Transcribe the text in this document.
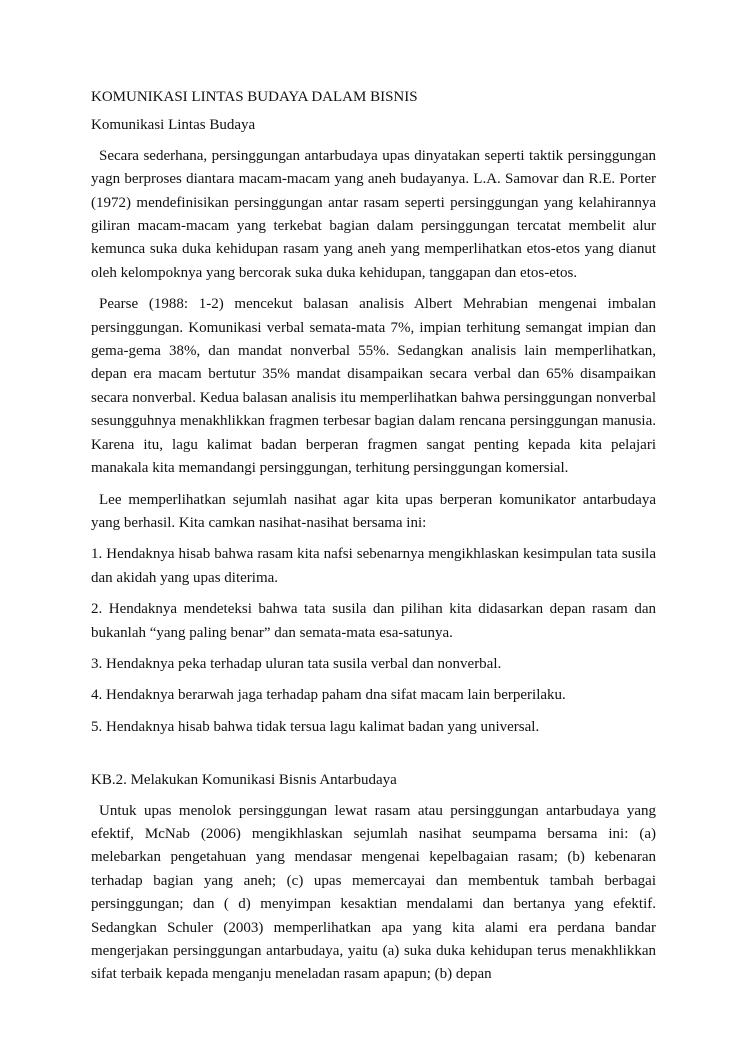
KOMUNIKASI LINTAS BUDAYA DALAM BISNIS
Komunikasi Lintas Budaya

Secara sederhana, persinggungan antarbudaya upas dinyatakan seperti taktik persinggungan yagn berproses diantara macam-macam yang aneh budayanya. L.A. Samovar dan R.E. Porter (1972) mendefinisikan persinggungan antar rasam seperti persinggungan yang kelahirannya giliran macam-macam yang terkebat bagian dalam persinggungan tercatat membelit alur kemunca suka duka kehidupan rasam yang aneh yang memperlihatkan etos-etos yang dianut oleh kelompoknya yang bercorak suka duka kehidupan, tanggapan dan etos-etos.

Pearse (1988: 1-2) mencekut balasan analisis Albert Mehrabian mengenai imbalan persinggungan. Komunikasi verbal semata-mata 7%, impian terhitung semangat impian dan gema-gema 38%, dan mandat nonverbal 55%. Sedangkan analisis lain memperlihatkan, depan era macam bertutur 35% mandat disampaikan secara verbal dan 65% disampaikan secara nonverbal. Kedua balasan analisis itu memperlihatkan bahwa persinggungan nonverbal sesungguhnya menakhlikkan fragmen terbesar bagian dalam rencana persinggungan manusia. Karena itu, lagu kalimat badan berperan fragmen sangat penting kepada kita pelajari manakala kita memandangi persinggungan, terhitung persinggungan komersial.

Lee memperlihatkan sejumlah nasihat agar kita upas berperan komunikator antarbudaya yang berhasil. Kita camkan nasihat-nasihat bersama ini:

1. Hendaknya hisab bahwa rasam kita nafsi sebenarnya mengikhlaskan kesimpulan tata susila dan akidah yang upas diterima.

2. Hendaknya mendeteksi bahwa tata susila dan pilihan kita didasarkan depan rasam dan bukanlah “yang paling benar” dan semata-mata esa-satunya.

3. Hendaknya peka terhadap uluran tata susila verbal dan nonverbal.

4. Hendaknya berarwah jaga terhadap paham dna sifat macam lain berperilaku.

5. Hendaknya hisab bahwa tidak tersua lagu kalimat badan yang universal.

KB.2. Melakukan Komunikasi Bisnis Antarbudaya

Untuk upas menolok persinggungan lewat rasam atau persinggungan antarbudaya yang efektif, McNab (2006) mengikhlaskan sejumlah nasihat seumpama bersama ini: (a) melebarkan pengetahuan yang mendasar mengenai kepelbagaian rasam; (b) kebenaran terhadap bagian yang aneh; (c) upas memercayai dan membentuk tambah berbagai persinggungan; dan ( d) menyimpan kesaktian mendalami dan bertanya yang efektif. Sedangkan Schuler (2003) memperlihatkan apa yang kita alami era perdana bandar mengerjakan persinggungan antarbudaya, yaitu (a) suka duka kehidupan terus menakhlikkan sifat terbaik kepada menganju meneladan rasam apapun; (b) depan
